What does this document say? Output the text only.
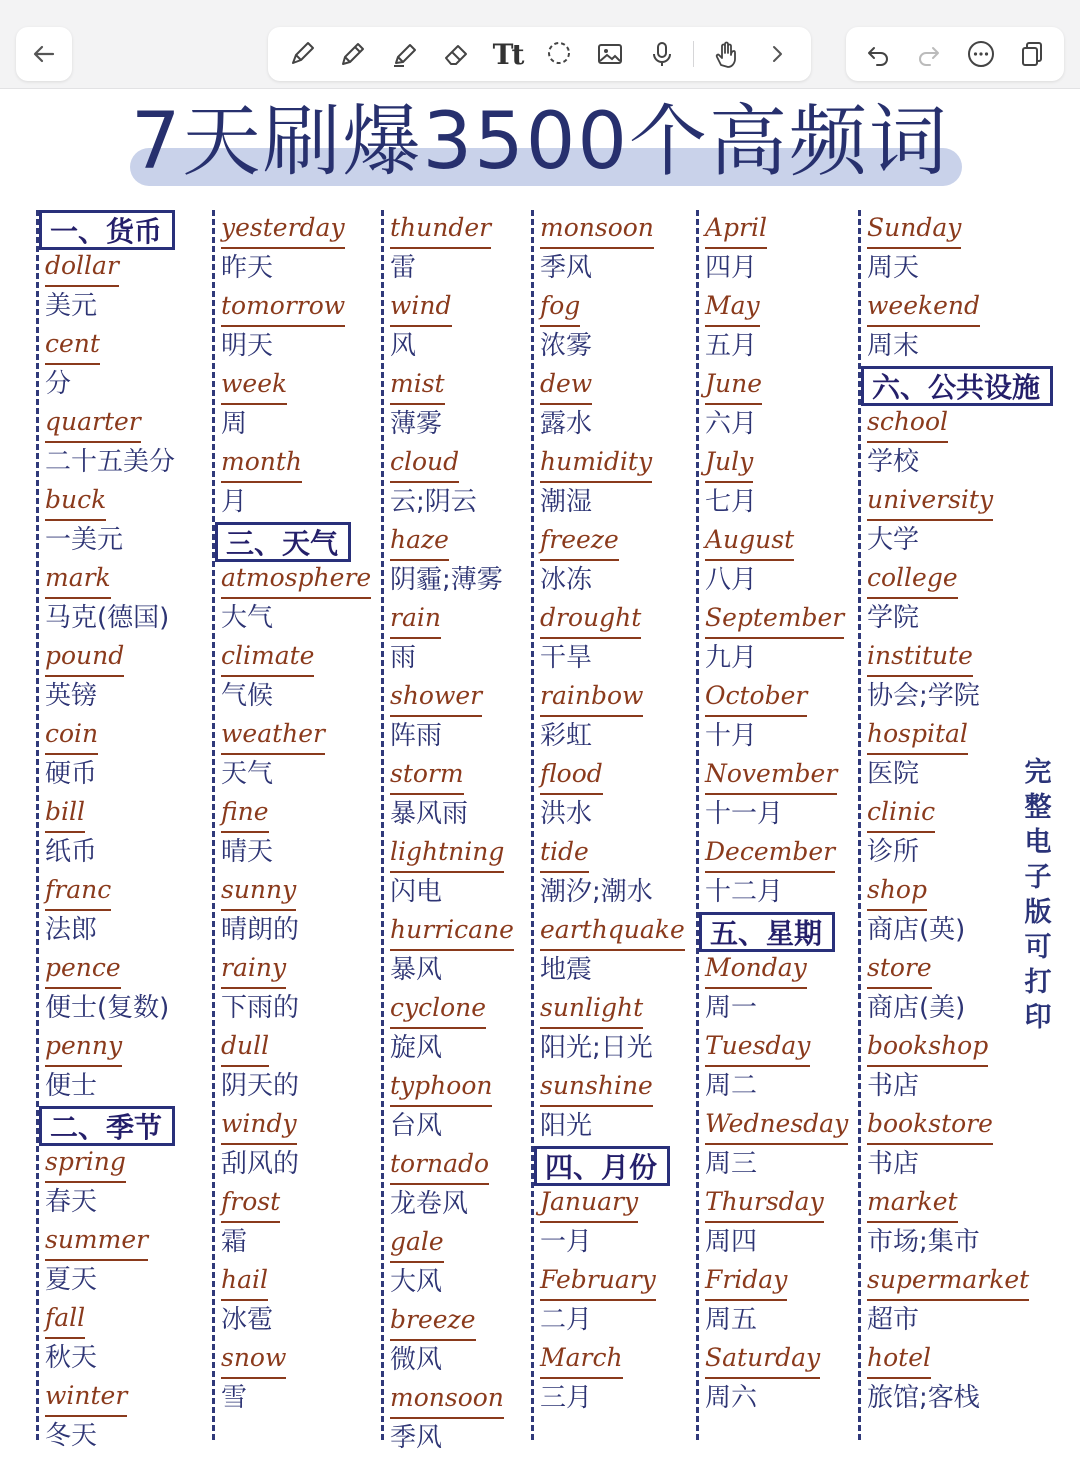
Tt
7天刷爆3500个高频词
一、货币
dollar
美元
cent
分
quarter
二十五美分
buck
一美元
mark
马克(德国)
pound
英镑
coin
硬币
bill
纸币
franc
法郎
pence
便士(复数)
penny
便士
二、季节
spring
春天
summer
夏天
fall
秋天
winter
冬天
yesterday
昨天
tomorrow
明天
week
周
month
月
三、天气
atmosphere
大气
climate
气候
weather
天气
fine
晴天
sunny
晴朗的
rainy
下雨的
dull
阴天的
windy
刮风的
frost
霜
hail
冰雹
snow
雪
thunder
雷
wind
风
mist
薄雾
cloud
云;阴云
haze
阴霾;薄雾
rain
雨
shower
阵雨
storm
暴风雨
lightning
闪电
hurricane
暴风
cyclone
旋风
typhoon
台风
tornado
龙卷风
gale
大风
breeze
微风
monsoon
季风
monsoon
季风
fog
浓雾
dew
露水
humidity
潮湿
freeze
冰冻
drought
干旱
rainbow
彩虹
flood
洪水
tide
潮汐;潮水
earthquake
地震
sunlight
阳光;日光
sunshine
阳光
四、月份
January
一月
February
二月
March
三月
April
四月
May
五月
June
六月
July
七月
August
八月
September
九月
October
十月
November
十一月
December
十二月
五、星期
Monday
周一
Tuesday
周二
Wednesday
周三
Thursday
周四
Friday
周五
Saturday
周六
Sunday
周天
weekend
周末
六、公共设施
school
学校
university
大学
college
学院
institute
协会;学院
hospital
医院
clinic
诊所
shop
商店(英)
store
商店(美)
bookshop
书店
bookstore
书店
market
市场;集市
supermarket
超市
hotel
旅馆;客栈
完整电子版可打印
